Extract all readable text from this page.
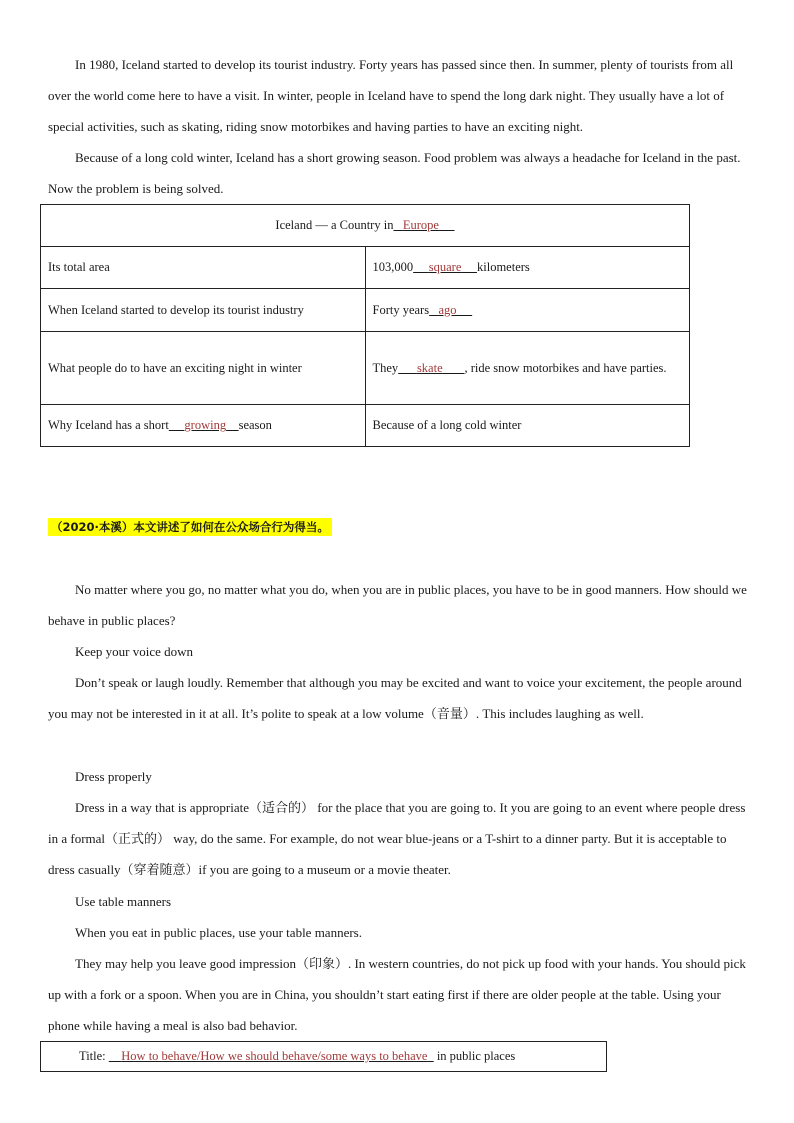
In 1980, Iceland started to develop its tourist industry. Forty years has passed since then. In summer, plenty of tourists from all over the world come here to have a visit. In winter, people in Iceland have to spend the long dark night. They usually have a lot of special activities, such as skating, riding snow motorbikes and having parties to have an exciting night.

Because of a long cold winter, Iceland has a short growing season. Food problem was always a headache for Iceland in the past. Now the problem is being solved.

Iceland — a Country in Europe	
Its total area	103,000 square kilometers
When Iceland started to develop its tourist industry	Forty years ago
What people do to have an exciting night in winter	They skate , ride snow motorbikes and have parties.
Why Iceland has a short growing season	Because of a long cold winter
（2020·本溪）本文讲述了如何在公众场合行为得当。

No matter where you go, no matter what you do, when you are in public places, you have to be in good manners. How should we behave in public places?

Keep your voice down

Don’t speak or laugh loudly. Remember that although you may be excited and want to voice your excitement, the people around you may not be interested in it at all. It’s polite to speak at a low volume（音量）. This includes laughing as well.

Dress properly

Dress in a way that is appropriate（适合的） for the place that you are going to. It you are going to an event where people dress in a formal（正式的） way, do the same. For example, do not wear blue-jeans or a T-shirt to a dinner party. But it is acceptable to dress casually（穿着随意）if you are going to a museum or a movie theater.

Use table manners

When you eat in public places, use your table manners.

They may help you leave good impression（印象）. In western countries, do not pick up food with your hands. You should pick up with a fork or a spoon. When you are in China, you shouldn’t start eating first if there are older people at the table. Using your phone while having a meal is also bad behavior.

Title: How to behave/How we should behave/some ways to behave in public places
